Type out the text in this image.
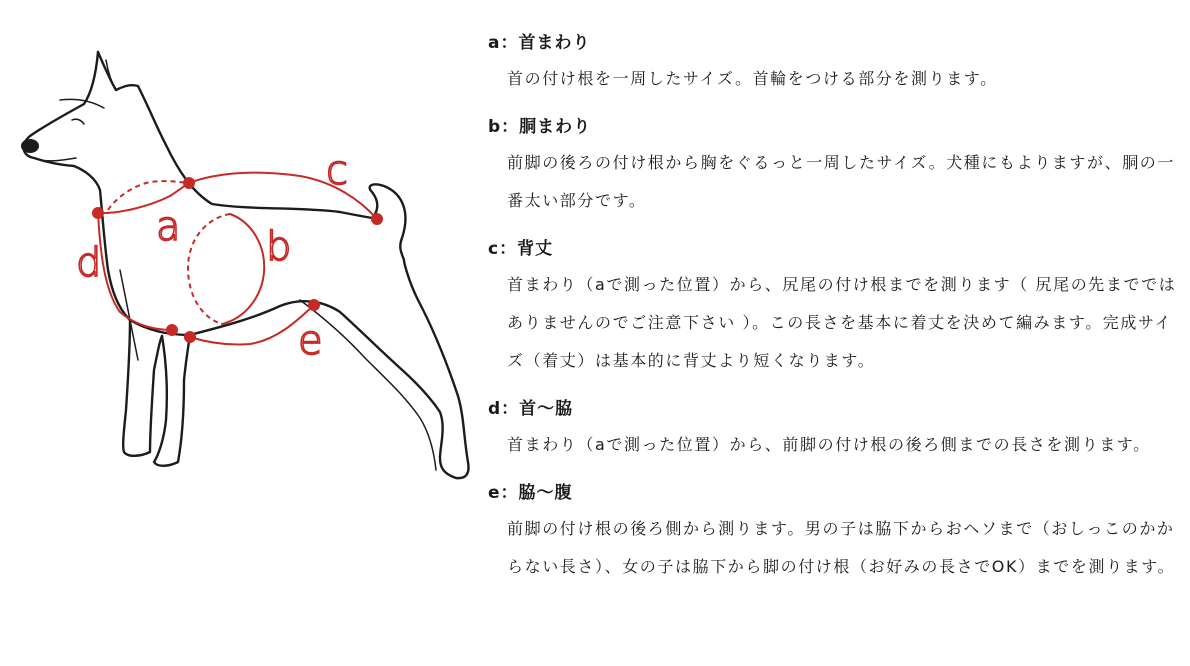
a b
c
d
e

a：首まわり

首の付け根を一周したサイズ。首輪をつける部分を測ります。

b：胴まわり

前脚の後ろの付け根から胸をぐるっと一周したサイズ。犬種にもよりますが、胴の一番太い部分です。

c：背丈

首まわり（aで測った位置）から、尻尾の付け根までを測ります（ 尻尾の先までではありませんのでご注意下さい ）。この長さを基本に着丈を決めて編みます。完成サイズ（着丈）は基本的に背丈より短くなります。

d：首～脇

首まわり（aで測った位置）から、前脚の付け根の後ろ側までの長さを測ります。

e：脇～腹

前脚の付け根の後ろ側から測ります。男の子は脇下からおヘソまで（おしっこのかからない長さ）、女の子は脇下から脚の付け根（お好みの長さでOK）までを測ります。
